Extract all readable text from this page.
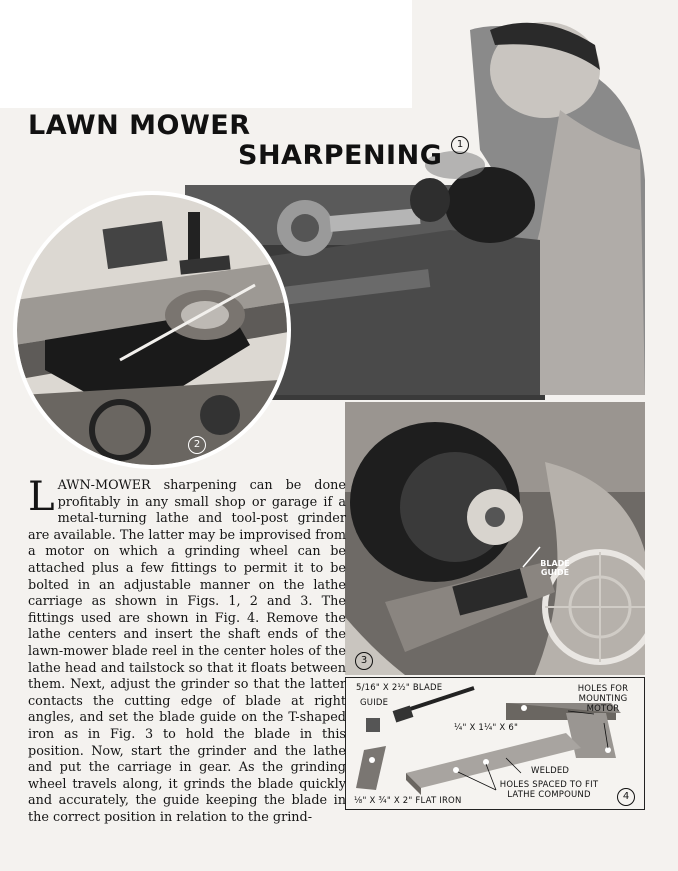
LAWN MOWER
SHARPENING	1
2
BLADE
GUIDE
3
5/16" X 2½" BLADE
GUIDE
¼" X 1¼" X 6"
HOLES FOR
MOUNTING
MOTOR
WELDED
HOLES SPACED TO FIT
LATHE COMPOUND
⅛" X ¾" X 2" FLAT IRON	4
LAWN-MOWER sharpening can be done profitably in any small shop or garage if a metal-turning lathe and tool-post grinder are available. The latter may be improvised from a motor on which a grinding wheel can be attached plus a few fittings to permit it to be bolted in an adjustable manner on the lathe carriage as shown in Figs. 1, 2 and 3. The fittings used are shown in Fig. 4. Remove the lathe centers and insert the shaft ends of the lawn-mower blade reel in the center holes of the lathe head and tailstock so that it floats between them. Next, adjust the grinder so that the latter contacts the cutting edge of blade at right angles, and set the blade guide on the T-shaped iron as in Fig. 3 to hold the blade in this position. Now, start the grinder and the lathe and put the carriage in gear. As the grinding wheel travels along, it grinds the blade quickly and accurately, the guide keeping the blade in the correct position in relation to the grind-
